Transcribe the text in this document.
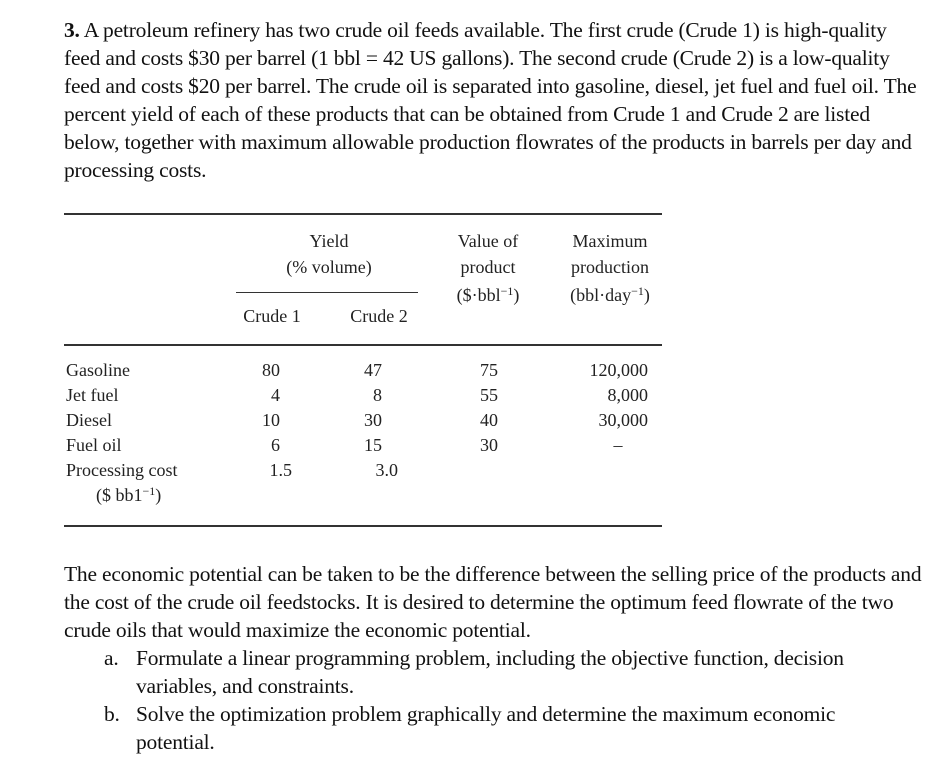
3. A petroleum refinery has two crude oil feeds available. The first crude (Crude 1) is high-quality feed and costs $30 per barrel (1 bbl = 42 US gallons). The second crude (Crude 2) is a low-quality feed and costs $20 per barrel. The crude oil is separated into gasoline, diesel, jet fuel and fuel oil. The percent yield of each of these products that can be obtained from Crude 1 and Crude 2 are listed below, together with maximum allowable production flowrates of the products in barrels per day and processing costs.
Yield
(% volume)
Crude 1	Crude 2
Value of
product
($·bbl$^{-1}$)
Maximum
production
(bbl·day$^{-1}$)
Gasoline	80	47	75	120,000
Jet fuel	4	8	55	8,000
Diesel	10	30	40	30,000
Fuel oil	6	15	30	–
Processing cost	1.5	3.0
($ $bb1^{-1}$)
The economic potential can be taken to be the difference between the selling price of the products and the cost of the crude oil feedstocks. It is desired to determine the optimum feed flowrate of the two crude oils that would maximize the economic potential.
a. Formulate a linear programming problem, including the objective function, decision variables, and constraints.
b. Solve the optimization problem graphically and determine the maximum economic potential.
